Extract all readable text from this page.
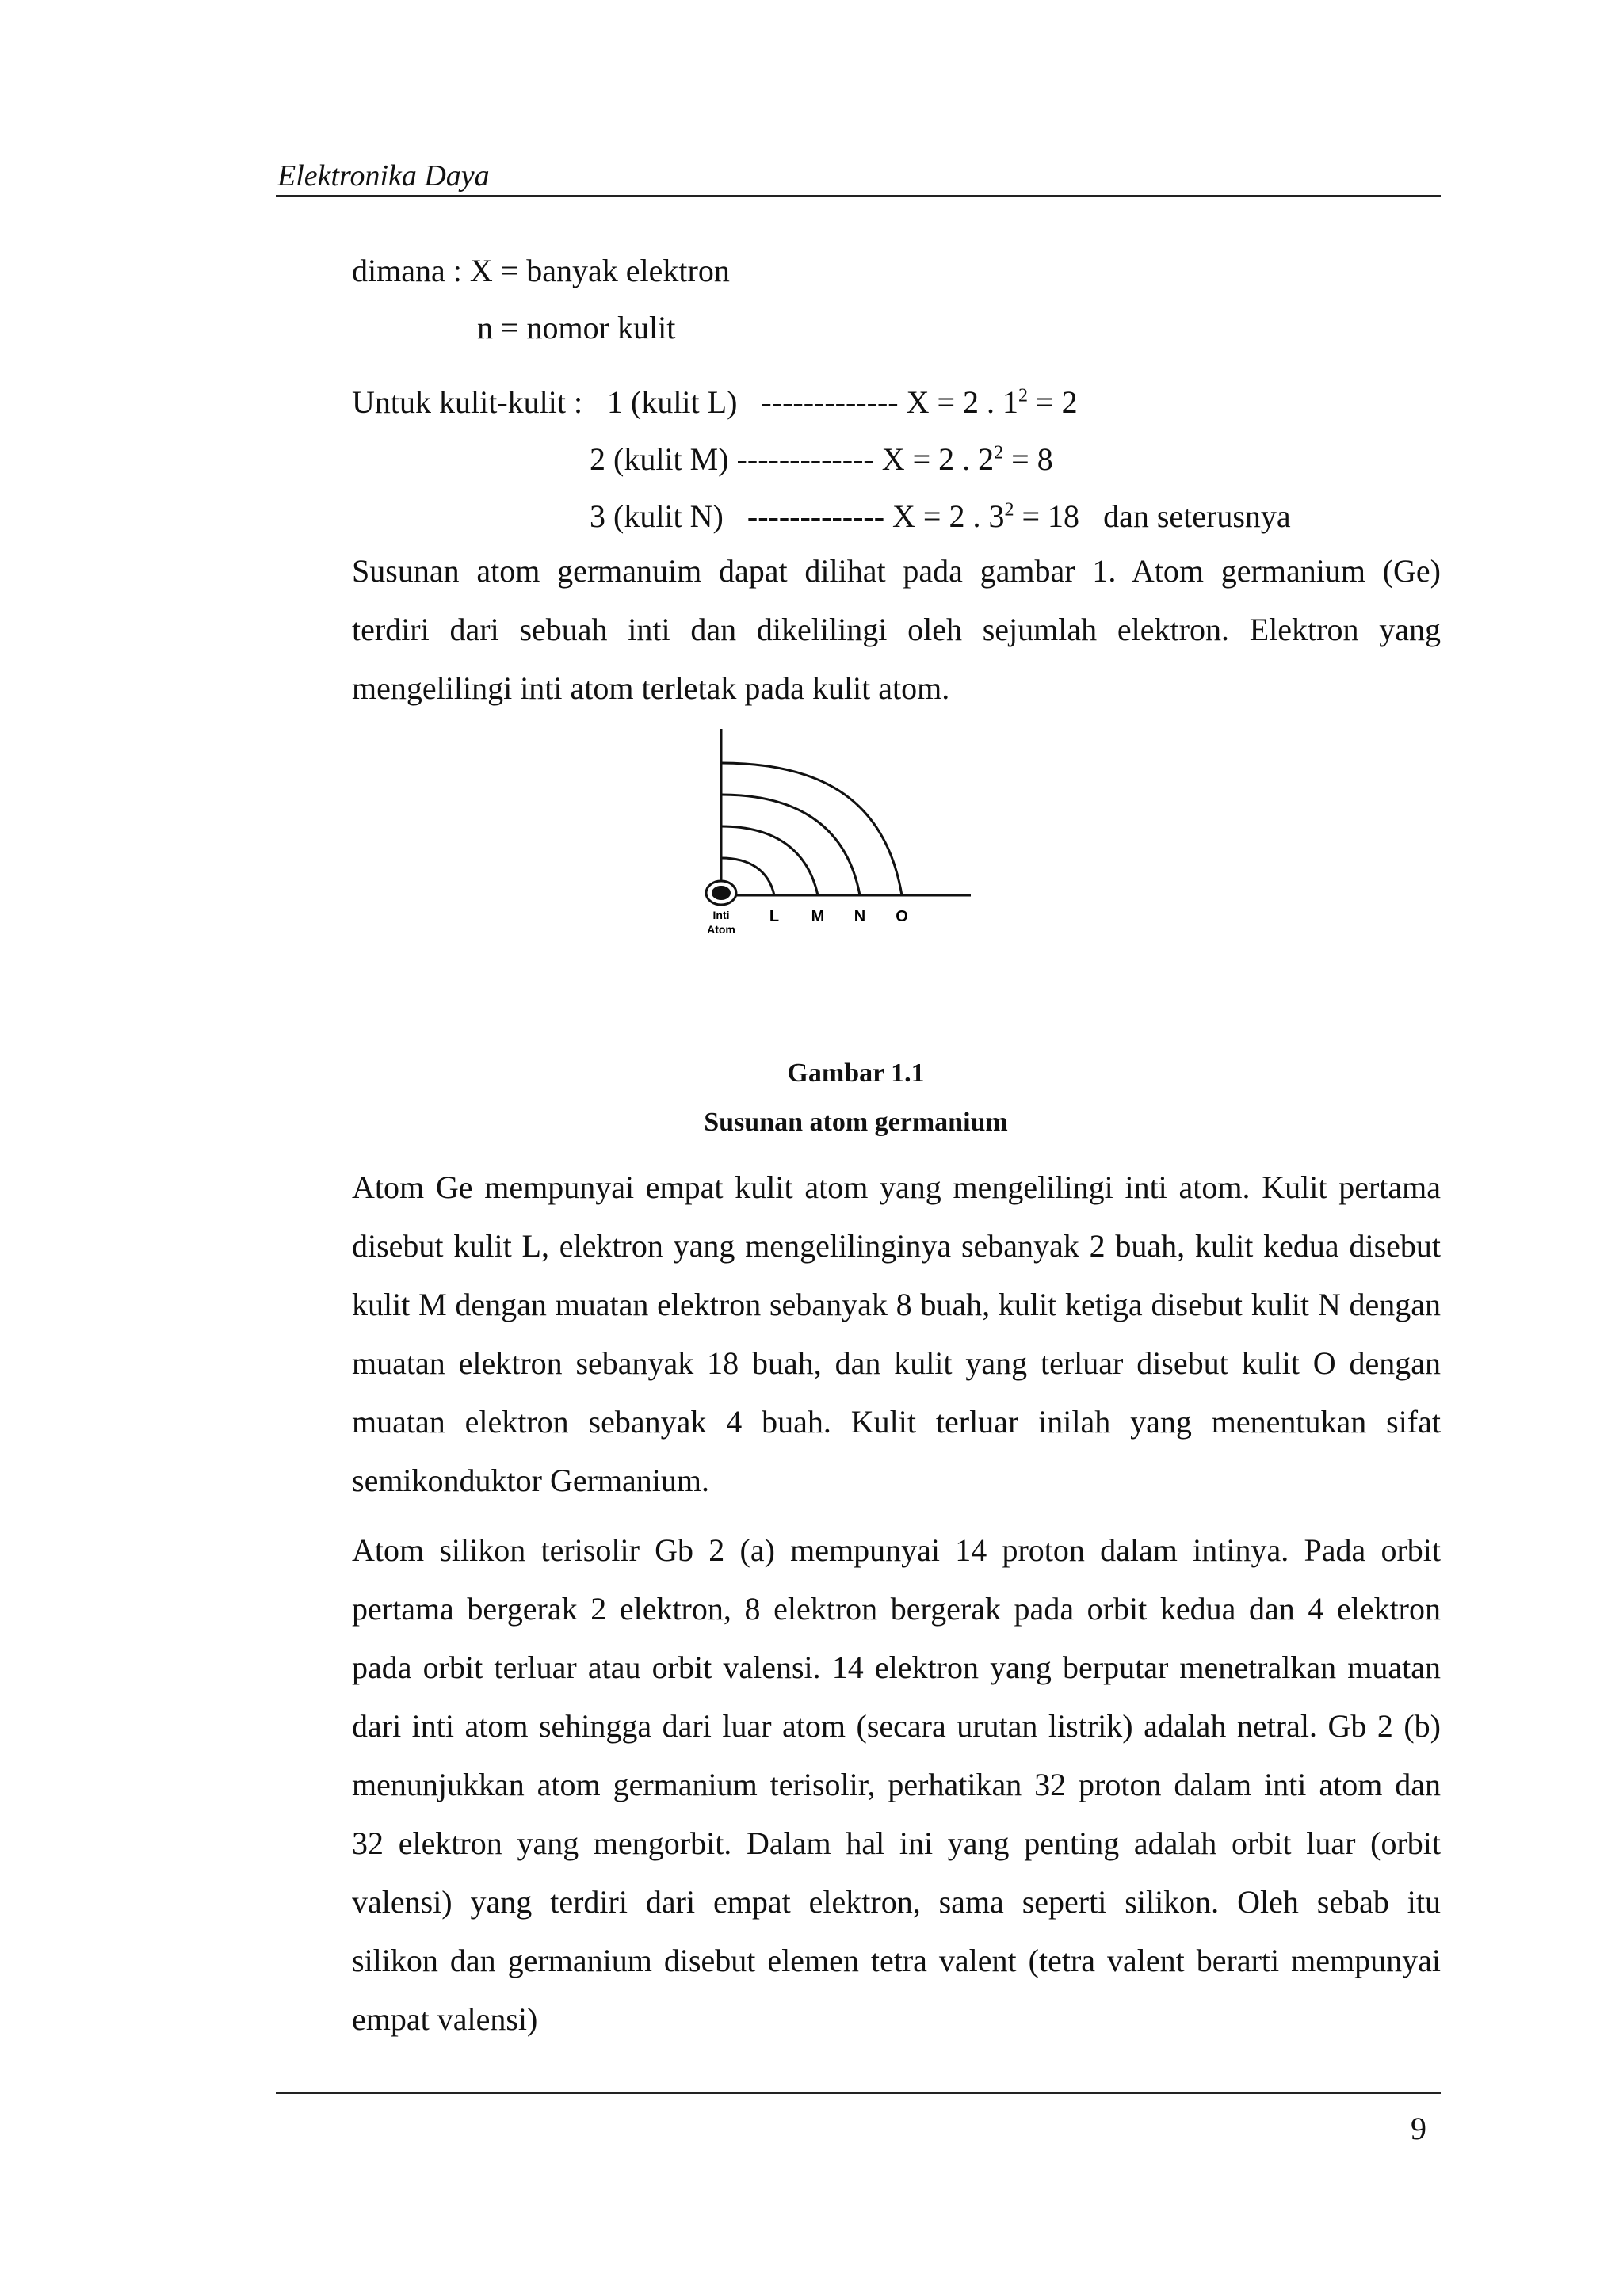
Elektronika Daya
dimana : X = banyak elektron
n = nomor kulit
Untuk kulit-kulit : 1 (kulit L) ------------- X = 2 . $1^2 = 2$
2 (kulit M) ------------- X = 2 . $2^2 = 8$
3 (kulit N) ------------- X = 2 . $3^2 = 18$ dan seterusnya
Susunan atom germanuim dapat dilihat pada gambar 1. Atom germanium (Ge)
terdiri dari sebuah inti dan dikelilingi oleh sejumlah elektron. Elektron yang
mengelilingi inti atom terletak pada kulit atom.
Inti
Atom
L M N O
Gambar 1.1
Susunan atom germanium
Atom Ge mempunyai empat kulit atom yang mengelilingi inti atom. Kulit pertama
disebut kulit L, elektron yang mengelilinginya sebanyak 2 buah, kulit kedua disebut
kulit M dengan muatan elektron sebanyak 8 buah, kulit ketiga disebut kulit N dengan
muatan elektron sebanyak 18 buah, dan kulit yang terluar disebut kulit O dengan
muatan elektron sebanyak 4 buah. Kulit terluar inilah yang menentukan sifat
semikonduktor Germanium.
Atom silikon terisolir Gb 2 (a) mempunyai 14 proton dalam intinya. Pada orbit
pertama bergerak 2 elektron, 8 elektron bergerak pada orbit kedua dan 4 elektron
pada orbit terluar atau orbit valensi. 14 elektron yang berputar menetralkan muatan
dari inti atom sehingga dari luar atom (secara urutan listrik) adalah netral. Gb 2 (b)
menunjukkan atom germanium terisolir, perhatikan 32 proton dalam inti atom dan
32 elektron yang mengorbit. Dalam hal ini yang penting adalah orbit luar (orbit
valensi) yang terdiri dari empat elektron, sama seperti silikon. Oleh sebab itu
silikon dan germanium disebut elemen tetra valent (tetra valent berarti mempunyai
empat valensi)
9
